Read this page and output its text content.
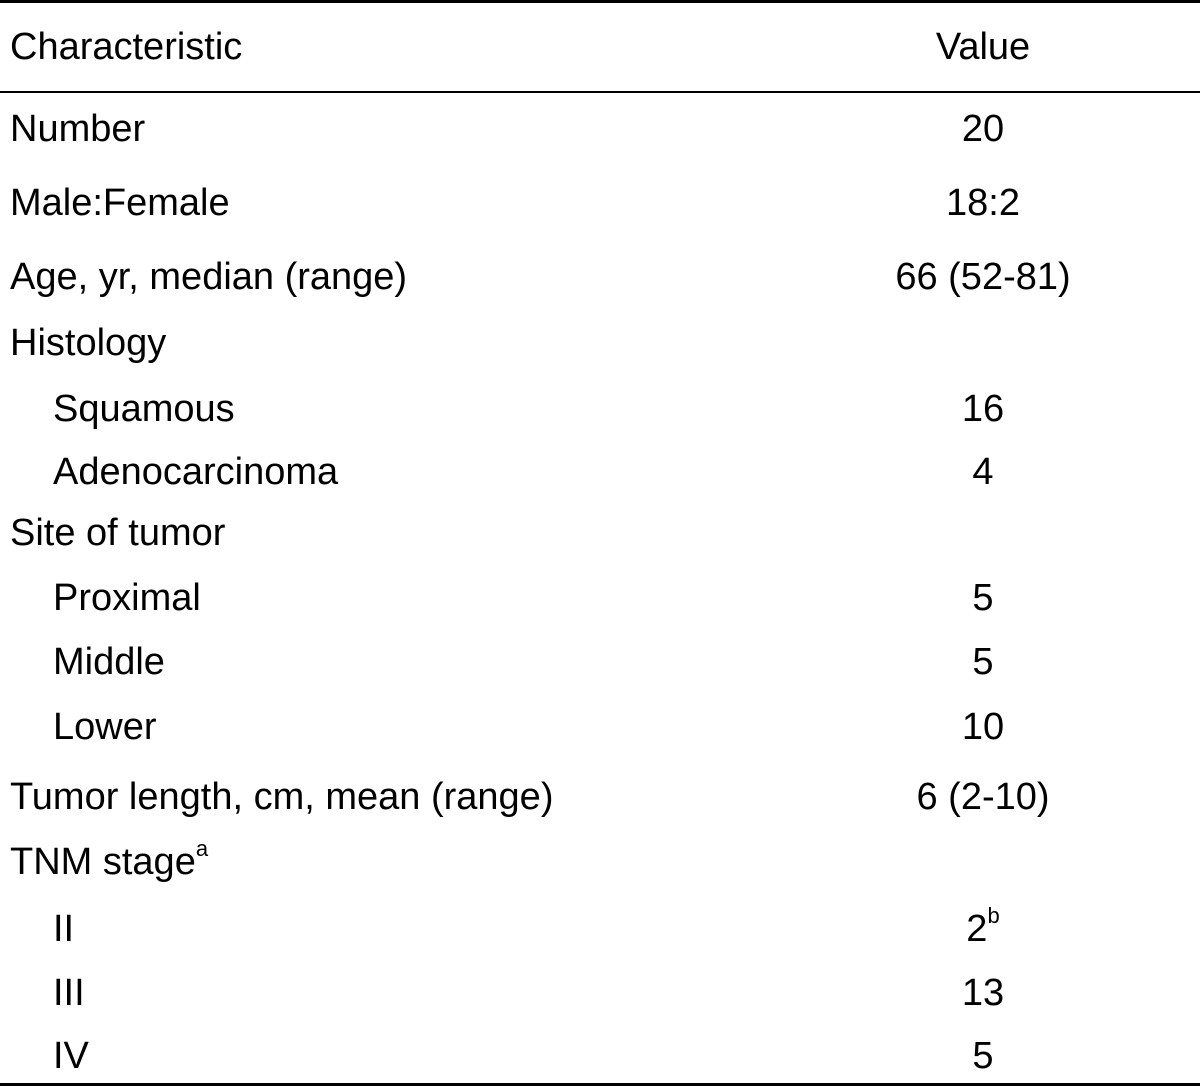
Characteristic	Value
Number	20
Male:Female	18:2
Age, yr, median (range)	66 (52-81)
Histology
Squamous	16
Adenocarcinoma	4
Site of tumor
Proximal	5
Middle	5
Lower	10
Tumor length, cm, mean (range)	6 (2-10)
TNM stage$^a$
II	2$^b$
III	13
IV	5
